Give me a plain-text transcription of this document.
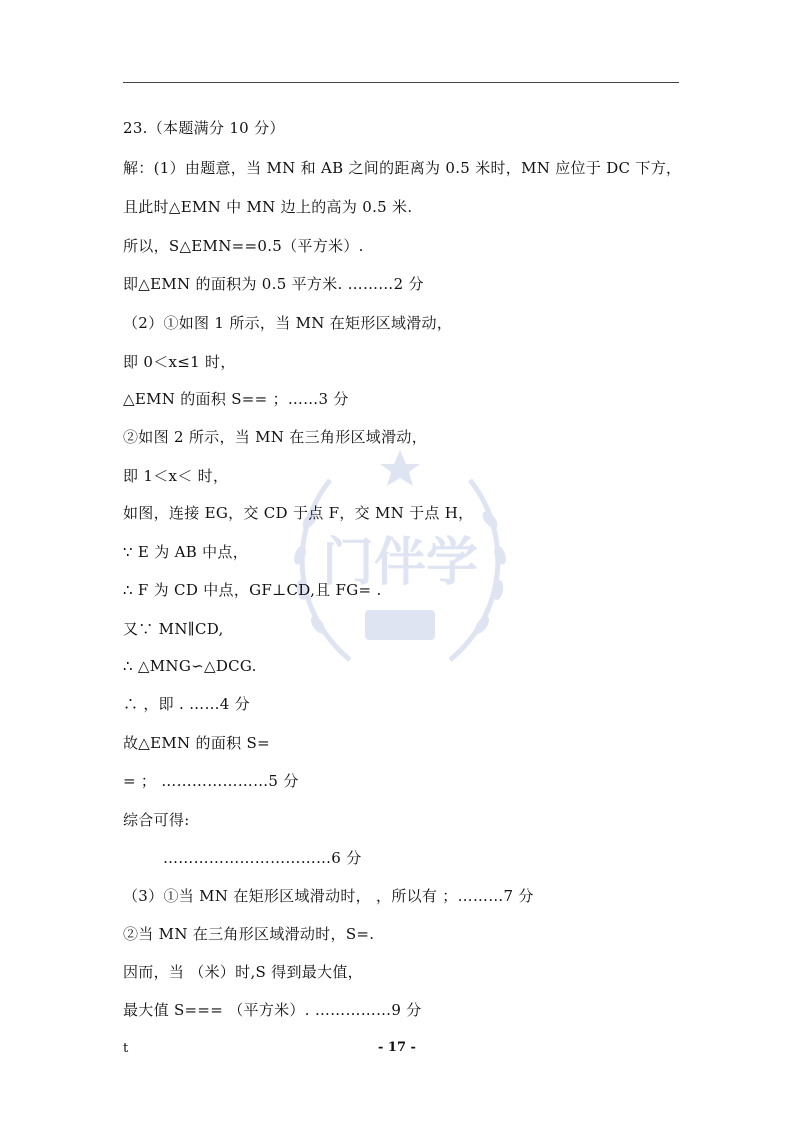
门伴学
23.（本题满分 10 分）
解：(1）由题意，当 MN 和 AB 之间的距离为 0.5 米时，MN 应位于 DC 下方，
且此时△EMN 中 MN 边上的高为 0.5 米.
所以，S△EMN==0.5（平方米）.
即△EMN 的面积为 0.5 平方米. ………2 分
（2）①如图 1 所示，当 MN 在矩形区域滑动，
即 0＜x≤1 时，
△EMN 的面积 S== ；……3 分
②如图 2 所示，当 MN 在三角形区域滑动，
即 1＜x＜ 时，
如图，连接 EG，交 CD 于点 F，交 MN 于点 H，
∵ E 为 AB 中点，
∴ F 为 CD 中点，GF⊥CD,且 FG= .
又∵ MN∥CD,
∴ △MNG∽△DCG.
∴ ，即 . ……4 分
故△EMN 的面积 S=
= ； …………………5 分
综合可得:
……………………………6 分
（3）①当 MN 在矩形区域滑动时， ，所以有 ；………7 分
②当 MN 在三角形区域滑动时，S=.
因而，当 （米）时,S 得到最大值，
最大值 S=== （平方米）. ……………9 分
t	- 17 -
